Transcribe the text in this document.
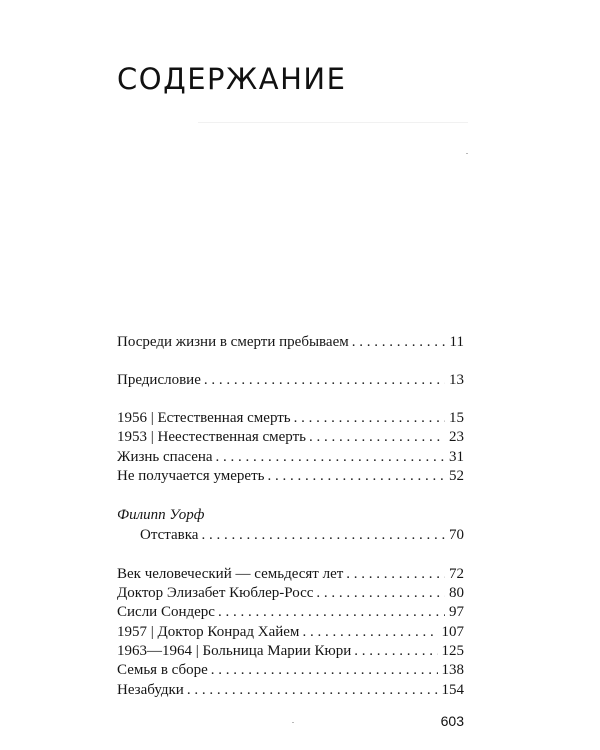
СОДЕРЖАНИЕ
Посреди жизни в смерти пребываем . . .	11
Предисловие . . .	13
1956 | Естественная смерть . . .	15
1953 | Неестественная смерть . . .	23
Жизнь спасена . . .	31
Не получается умереть . . .	52
Филипп Уорф
Отставка . . .	70
Век человеческий — семьдесят лет . . .	72
Доктор Элизабет Кюблер-Росс . . .	80
Сисли Сондерс . . .	97
1957 | Доктор Конрад Хайем . . .	107
1963—1964 | Больница Марии Кюри . . .	125
Семья в сборе . . .	138
Незабудки . . .	154
603
